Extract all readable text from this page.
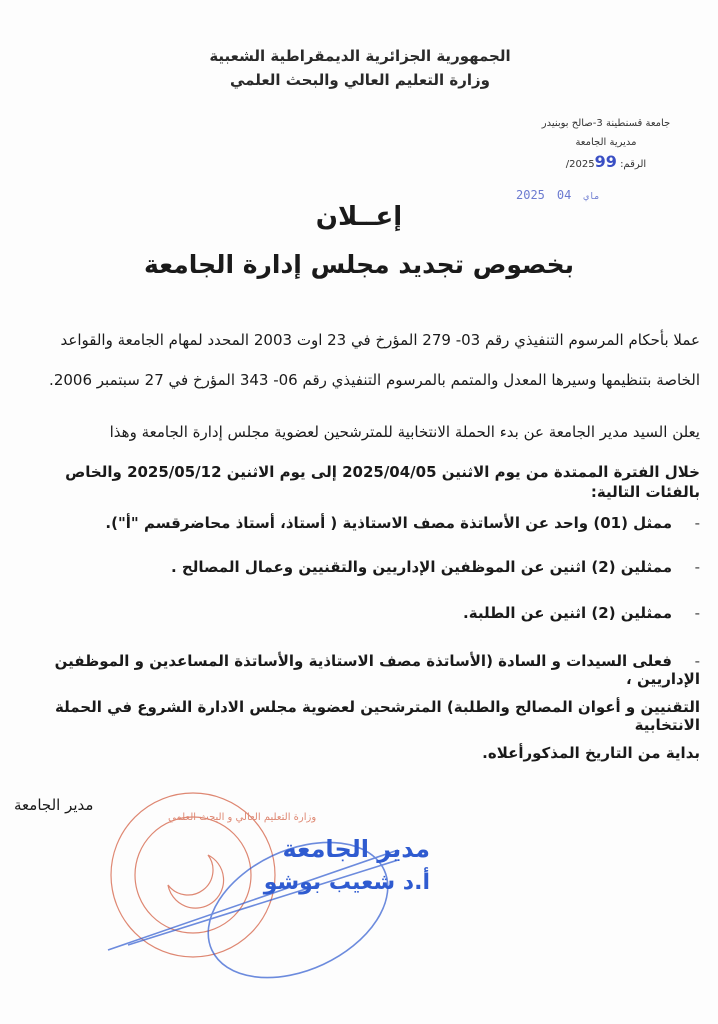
الجمهورية الجزائرية الديمقراطية الشعبية
وزارة التعليم العالي والبحث العلمي
جامعة قسنطينة 3-صالح بوبنيدر
مديرية الجامعة
الرقم: /202599
2025	ماي04
إعــلان
بخصوص تجديد مجلس إدارة الجامعة
عملا بأحكام المرسوم التنفيذي رقم 03- 279 المؤرخ في 23 اوت 2003 المحدد لمهام الجامعة والقواعد
الخاصة بتنظيمها وسيرها المعدل والمتمم بالمرسوم التنفيذي رقم 06- 343 المؤرخ في 27 سبتمبر 2006.
يعلن السيد مدير الجامعة عن بدء الحملة الانتخابية للمترشحين لعضوية مجلس إدارة الجامعة وهذا
خلال الفترة الممتدة من يوم الاثنين 2025/04/05 إلى يوم الاثنين 2025/05/12 والخاص بالفئات التالية:
-ممثل (01) واحد عن الأساتذة مصف الاستاذية ( أستاذ، أستاذ محاضرقسم "أ").
-ممثلين (2) اثنين عن الموظفين الإداريين والتقنيين وعمال المصالح .
-ممثلين (2) اثنين عن الطلبة.
-فعلى السيدات و السادة (الأساتذة مصف الاستاذية والأساتذة المساعدين و الموظفين الإداريين ،
التقنيين و أعوان المصالح والطلبة) المترشحين لعضوية مجلس الادارة الشروع في الحملة الانتخابية
بداية من التاريخ المذكورأعلاه.
مدير الجامعة
وزارة التعليم العالي و البحث العلمي
مدير الجامعة
أ.د شعيب بوشو
